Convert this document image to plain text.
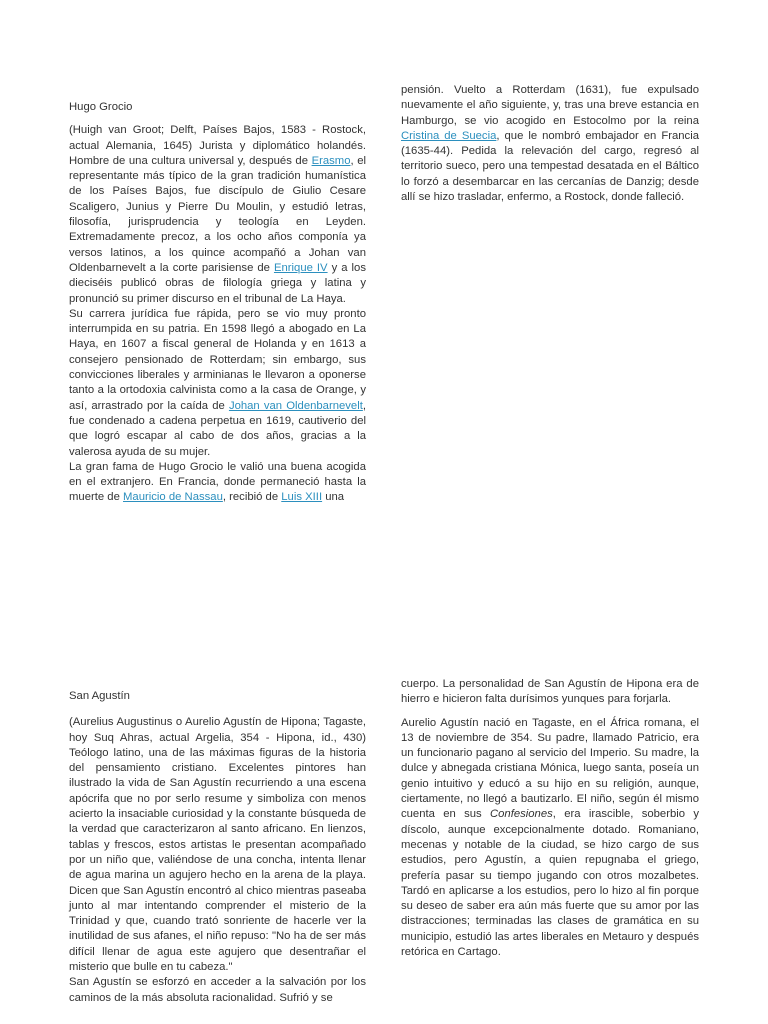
Hugo Grocio

(Huigh van Groot; Delft, Países Bajos, 1583 - Rostock, actual Alemania, 1645) Jurista y diplomático holandés. Hombre de una cultura universal y, después de Erasmo, el representante más típico de la gran tradición humanística de los Países Bajos, fue discípulo de Giulio Cesare Scaligero, Junius y Pierre Du Moulin, y estudió letras, filosofía, jurisprudencia y teología en Leyden. Extremadamente precoz, a los ocho años componía ya versos latinos, a los quince acompañó a Johan van Oldenbarnevelt a la corte parisiense de Enrique IV y a los dieciséis publicó obras de filología griega y latina y pronunció su primer discurso en el tribunal de La Haya.

Su carrera jurídica fue rápida, pero se vio muy pronto interrumpida en su patria. En 1598 llegó a abogado en La Haya, en 1607 a fiscal general de Holanda y en 1613 a consejero pensionado de Rotterdam; sin embargo, sus convicciones liberales y arminianas le llevaron a oponerse tanto a la ortodoxia calvinista como a la casa de Orange, y así, arrastrado por la caída de Johan van Oldenbarnevelt, fue condenado a cadena perpetua en 1619, cautiverio del que logró escapar al cabo de dos años, gracias a la valerosa ayuda de su mujer.

La gran fama de Hugo Grocio le valió una buena acogida en el extranjero. En Francia, donde permaneció hasta la muerte de Mauricio de Nassau, recibió de Luis XIII una

pensión. Vuelto a Rotterdam (1631), fue expulsado nuevamente el año siguiente, y, tras una breve estancia en Hamburgo, se vio acogido en Estocolmo por la reina Cristina de Suecia, que le nombró embajador en Francia (1635-44). Pedida la relevación del cargo, regresó al territorio sueco, pero una tempestad desatada en el Báltico lo forzó a desembarcar en las cercanías de Danzig; desde allí se hizo trasladar, enfermo, a Rostock, donde falleció.

San Agustín

(Aurelius Augustinus o Aurelio Agustín de Hipona; Tagaste, hoy Suq Ahras, actual Argelia, 354 - Hipona, id., 430) Teólogo latino, una de las máximas figuras de la historia del pensamiento cristiano. Excelentes pintores han ilustrado la vida de San Agustín recurriendo a una escena apócrifa que no por serlo resume y simboliza con menos acierto la insaciable curiosidad y la constante búsqueda de la verdad que caracterizaron al santo africano. En lienzos, tablas y frescos, estos artistas le presentan acompañado por un niño que, valiéndose de una concha, intenta llenar de agua marina un agujero hecho en la arena de la playa. Dicen que San Agustín encontró al chico mientras paseaba junto al mar intentando comprender el misterio de la Trinidad y que, cuando trató sonriente de hacerle ver la inutilidad de sus afanes, el niño repuso: "No ha de ser más difícil llenar de agua este agujero que desentrañar el misterio que bulle en tu cabeza."

San Agustín se esforzó en acceder a la salvación por los caminos de la más absoluta racionalidad. Sufrió y se

cuerpo. La personalidad de San Agustín de Hipona era de hierro e hicieron falta durísimos yunques para forjarla.

Aurelio Agustín nació en Tagaste, en el África romana, el 13 de noviembre de 354. Su padre, llamado Patricio, era un funcionario pagano al servicio del Imperio. Su madre, la dulce y abnegada cristiana Mónica, luego santa, poseía un genio intuitivo y educó a su hijo en su religión, aunque, ciertamente, no llegó a bautizarlo. El niño, según él mismo cuenta en sus Confesiones, era irascible, soberbio y díscolo, aunque excepcionalmente dotado. Romaniano, mecenas y notable de la ciudad, se hizo cargo de sus estudios, pero Agustín, a quien repugnaba el griego, prefería pasar su tiempo jugando con otros mozalbetes. Tardó en aplicarse a los estudios, pero lo hizo al fin porque su deseo de saber era aún más fuerte que su amor por las distracciones; terminadas las clases de gramática en su municipio, estudió las artes liberales en Metauro y después retórica en Cartago.
